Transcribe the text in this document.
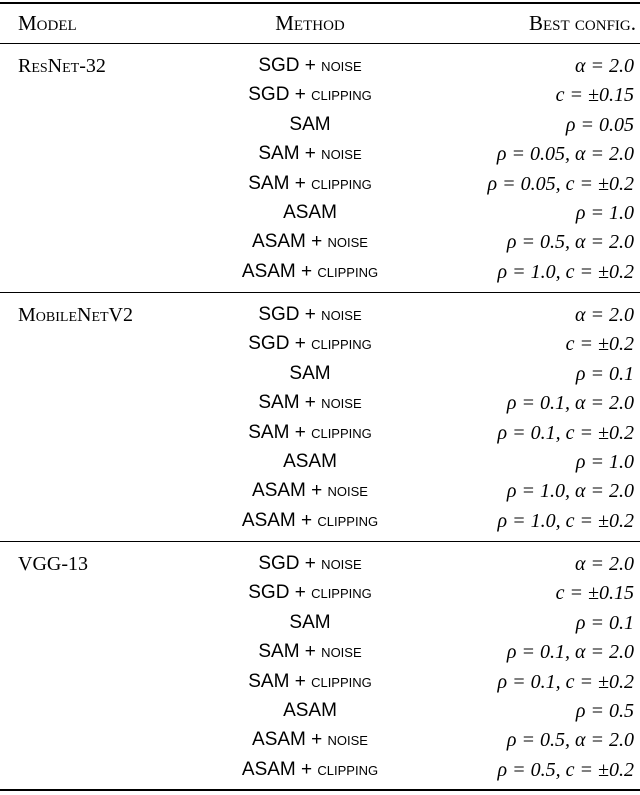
Model	Method	Best config.
ResNet-32	SGD + noise	α = 2.0
SGD + clipping	c = ±0.15
SAM	ρ = 0.05
SAM + noise	ρ = 0.05, α = 2.0
SAM + clipping	ρ = 0.05, c = ±0.2
ASAM	ρ = 1.0
ASAM + noise	ρ = 0.5, α = 2.0
ASAM + clipping	ρ = 1.0, c = ±0.2
MobileNetV2	SGD + noise	α = 2.0
SGD + clipping	c = ±0.2
SAM	ρ = 0.1
SAM + noise	ρ = 0.1, α = 2.0
SAM + clipping	ρ = 0.1, c = ±0.2
ASAM	ρ = 1.0
ASAM + noise	ρ = 1.0, α = 2.0
ASAM + clipping	ρ = 1.0, c = ±0.2
VGG-13	SGD + noise	α = 2.0
SGD + clipping	c = ±0.15
SAM	ρ = 0.1
SAM + noise	ρ = 0.1, α = 2.0
SAM + clipping	ρ = 0.1, c = ±0.2
ASAM	ρ = 0.5
ASAM + noise	ρ = 0.5, α = 2.0
ASAM + clipping	ρ = 0.5, c = ±0.2
